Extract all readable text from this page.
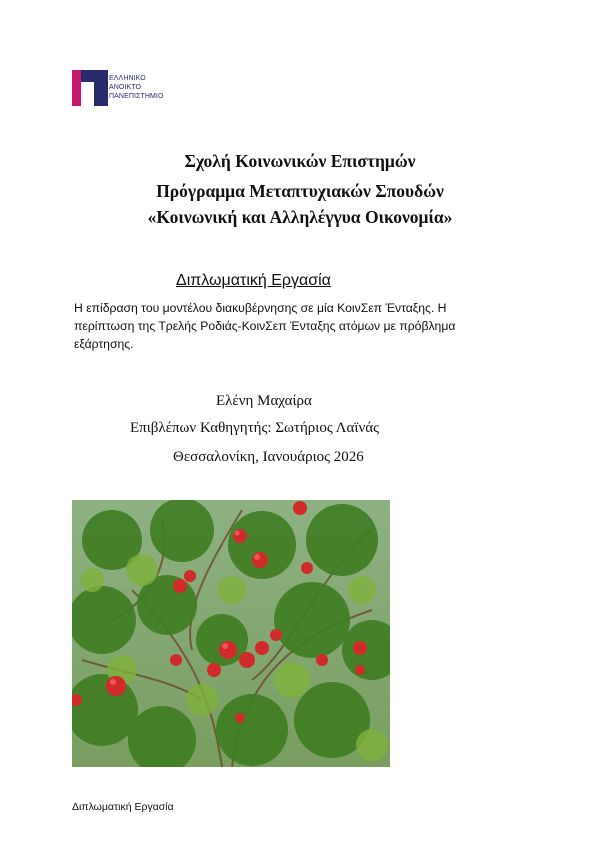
ΕΛΛΗΝΙΚΟ
ΑΝΟΙΚΤΟ
ΠΑΝΕΠΙΣΤΗΜΙΟ
Σχολή Κοινωνικών Επιστημών
Πρόγραμμα Μεταπτυχιακών Σπουδών
«Κοινωνική και Αλληλέγγυα Οικονομία»
Διπλωματική Εργασία
Η επίδραση του μοντέλου διακυβέρνησης σε μία ΚοινΣεπ Ένταξης. Η
περίπτωση της Τρελής Ροδιάς-ΚοινΣεπ Ένταξης ατόμων με πρόβλημα
εξάρτησης.
Ελένη Μαχαίρα
Επιβλέπων Καθηγητής: Σωτήριος Λαϊνάς
Θεσσαλονίκη, Ιανουάριος 2026
Διπλωματική Εργασία
